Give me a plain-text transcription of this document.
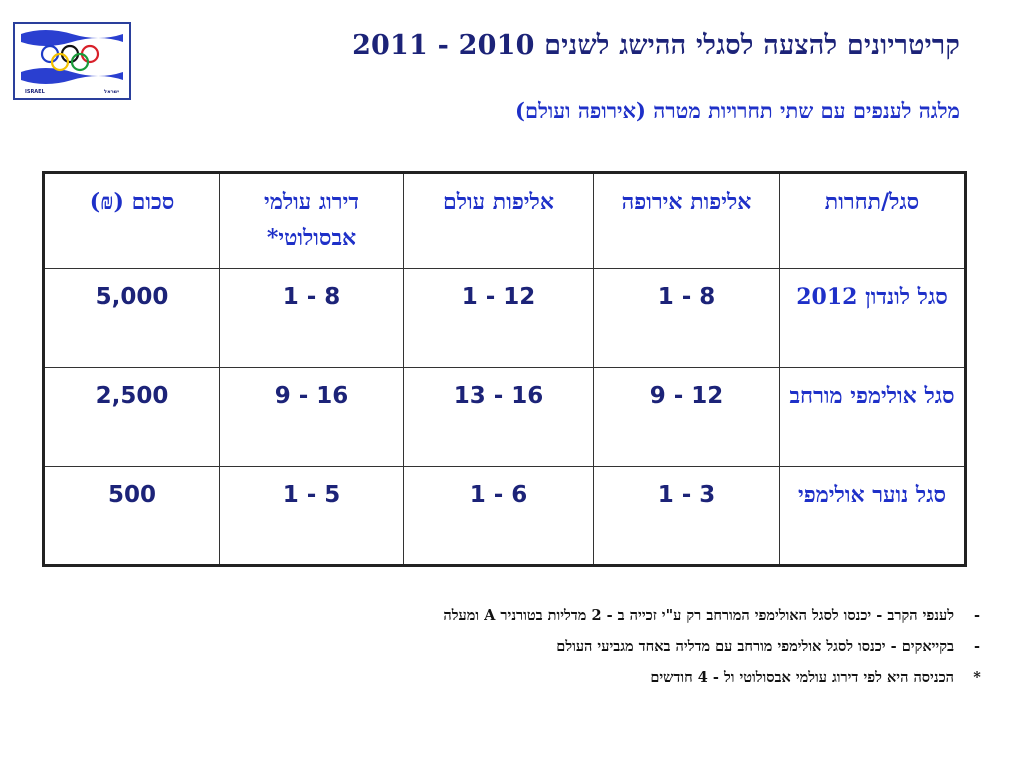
ISRAEL	ישראל
קריטריונים להצעה לסגלי ההישג לשנים 2010 - 2011
מלגה לענפים עם שתי תחרויות מטרה (אירופה ועולם)
סגל/תחרות	אליפות אירופה	אליפות עולם	דירוג עולמי אבסולוטי*	סכום (₪)
סגל לונדון 2012	1 - 8	1 - 12	1 - 8	5,000
סגל אולימפי מורחב	9 - 12	13 - 16	9 - 16	2,500
סגל נוער אולימפי	1 - 3	1 - 6	1 - 5	500
-
לענפי הקרב - יכנסו לסגל האולימפי המורחב רק ע"י זכייה ב - 2 מדליות בטורניר A ומעלה
-
בקייאקים - יכנסו לסגל אולימפי מורחב עם מדליה באחד מגביעי העולם
*
הכניסה היא לפי דירוג עולמי אבסולוטי ול - 4 חודשים
